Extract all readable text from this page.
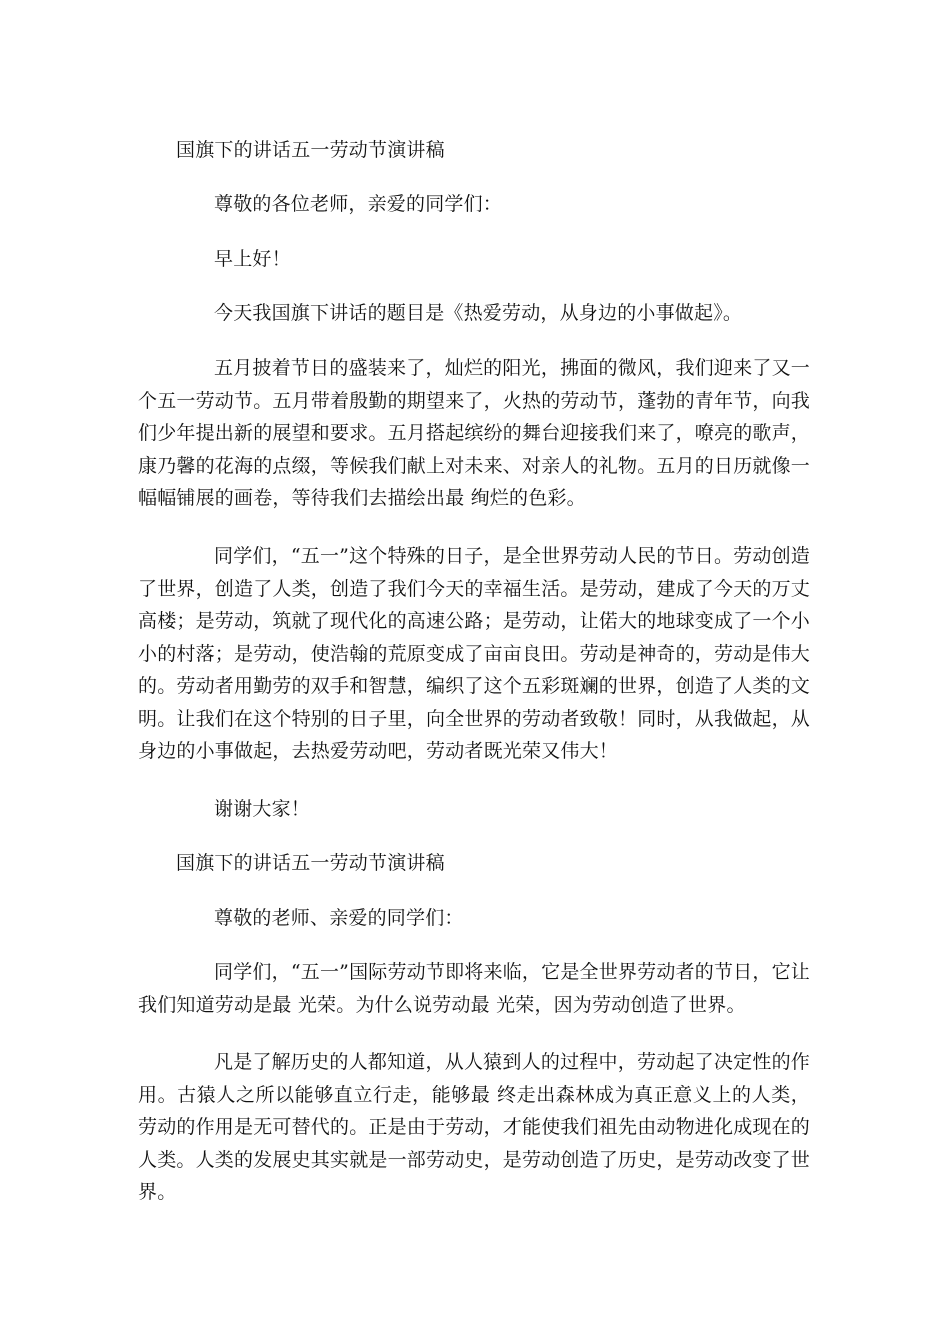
国旗下的讲话五一劳动节演讲稿
尊敬的各位老师，亲爱的同学们：
早上好！
今天我国旗下讲话的题目是《热爱劳动，从身边的小事做起》。
五月披着节日的盛装来了，灿烂的阳光，拂面的微风，我们迎来了又一个五一劳动节。五月带着殷勤的期望来了，火热的劳动节，蓬勃的青年节，向我们少年提出新的展望和要求。五月搭起缤纷的舞台迎接我们来了，嘹亮的歌声，康乃馨的花海的点缀，等候我们献上对未来、对亲人的礼物。五月的日历就像一幅幅铺展的画卷，等待我们去描绘出最 绚烂的色彩。
同学们，“五一”这个特殊的日子，是全世界劳动人民的节日。劳动创造了世界，创造了人类，创造了我们今天的幸福生活。是劳动，建成了今天的万丈高楼；是劳动，筑就了现代化的高速公路；是劳动，让偌大的地球变成了一个小小的村落；是劳动，使浩翰的荒原变成了亩亩良田。劳动是神奇的，劳动是伟大的。劳动者用勤劳的双手和智慧，编织了这个五彩斑斓的世界，创造了人类的文明。让我们在这个特别的日子里，向全世界的劳动者致敬！同时，从我做起，从身边的小事做起，去热爱劳动吧，劳动者既光荣又伟大！
谢谢大家！
国旗下的讲话五一劳动节演讲稿
尊敬的老师、亲爱的同学们：
同学们，“五一”国际劳动节即将来临，它是全世界劳动者的节日，它让我们知道劳动是最 光荣。为什么说劳动最 光荣，因为劳动创造了世界。
凡是了解历史的人都知道，从人猿到人的过程中，劳动起了决定性的作用。古猿人之所以能够直立行走，能够最 终走出森林成为真正意义上的人类，劳动的作用是无可替代的。正是由于劳动，才能使我们祖先由动物进化成现在的人类。人类的发展史其实就是一部劳动史，是劳动创造了历史，是劳动改变了世界。
